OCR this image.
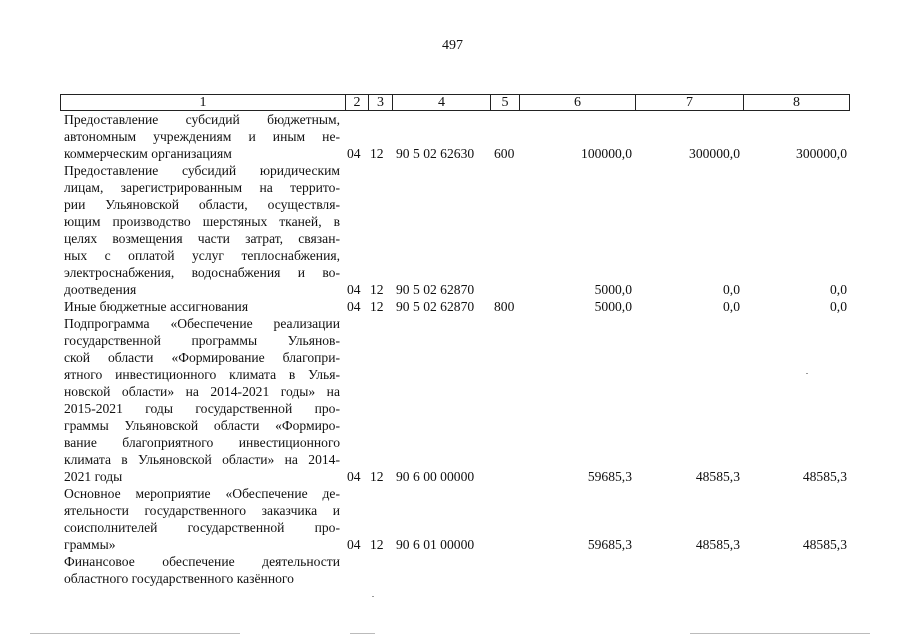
497
1	2	3	4	5	6	7	8
Предоставление субсидий бюджетным,
автономным учреждениям и иным не-
коммерческим организациям	04 12 90 5 02 62630 600	100000,0	300000,0	300000,0
Предоставление субсидий юридическим
лицам, зарегистрированным на террито-
рии Ульяновской области, осуществля-
ющим производство шерстяных тканей, в
целях возмещения части затрат, связан-
ных с оплатой услуг теплоснабжения,
электроснабжения, водоснабжения и во-
доотведения	04 12 90 5 02 62870	5000,0	0,0	0,0
Иные бюджетные ассигнования	04 12 90 5 02 62870 800	5000,0	0,0	0,0
Подпрограмма «Обеспечение реализации
государственной программы Ульянов-
ской области «Формирование благопри-
ятного инвестиционного климата в Улья-
новской области» на 2014-2021 годы» на
2015-2021 годы государственной про-
граммы Ульяновской области «Формиро-
вание благоприятного инвестиционного
климата в Ульяновской области» на 2014-
2021 годы	04 12 90 6 00 00000	59685,3	48585,3	48585,3
Основное мероприятие «Обеспечение де-
ятельности государственного заказчика и
соисполнителей государственной про-
граммы»	04 12 90 6 01 00000	59685,3	48585,3	48585,3
Финансовое обеспечение деятельности
областного государственного казённого
